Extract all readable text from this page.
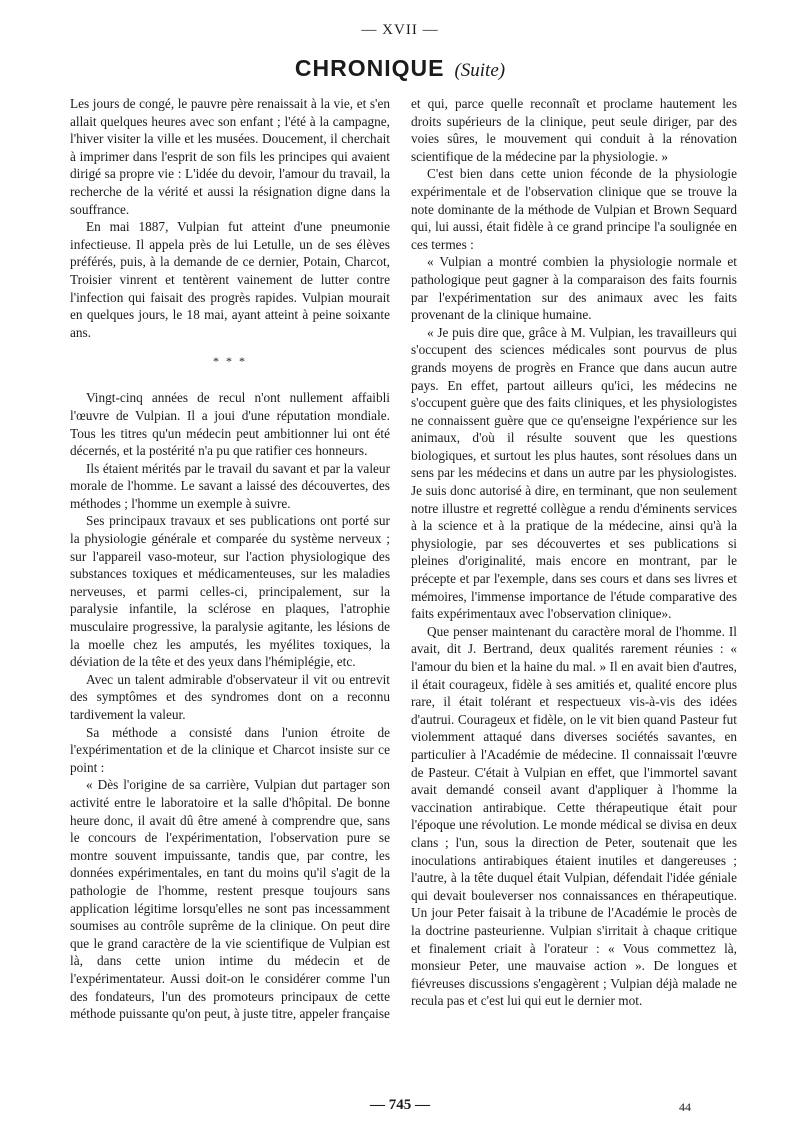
— XVII —
CHRONIQUE (Suite)

Les jours de congé, le pauvre père renaissait à la vie, et s'en allait quelques heures avec son enfant ; l'été à la campagne, l'hiver visiter la ville et les musées. Doucement, il cherchait à imprimer dans l'esprit de son fils les principes qui avaient dirigé sa propre vie : L'idée du devoir, l'amour du travail, la recherche de la vérité et aussi la résignation digne dans la souffrance.

En mai 1887, Vulpian fut atteint d'une pneumonie infectieuse. Il appela près de lui Letulle, un de ses élèves préférés, puis, à la demande de ce dernier, Potain, Charcot, Troisier vinrent et tentèrent vainement de lutter contre l'infection qui faisait des progrès rapides. Vulpian mourait en quelques jours, le 18 mai, ayant atteint à peine soixante ans.

* * *

Vingt-cinq années de recul n'ont nullement affaibli l'œuvre de Vulpian. Il a joui d'une réputation mondiale. Tous les titres qu'un médecin peut ambitionner lui ont été décernés, et la postérité n'a pu que ratifier ces honneurs.

Ils étaient mérités par le travail du savant et par la valeur morale de l'homme. Le savant a laissé des découvertes, des méthodes ; l'homme un exemple à suivre.

Ses principaux travaux et ses publications ont porté sur la physiologie générale et comparée du système nerveux ; sur l'appareil vaso-moteur, sur l'action physiologique des substances toxiques et médicamenteuses, sur les maladies nerveuses, et parmi celles-ci, principalement, sur la paralysie infantile, la sclérose en plaques, l'atrophie musculaire progressive, la paralysie agitante, les lésions de la moelle chez les amputés, les myélites toxiques, la déviation de la tête et des yeux dans l'hémiplégie, etc.

Avec un talent admirable d'observateur il vit ou entrevit des symptômes et des syndromes dont on a reconnu tardivement la valeur.

Sa méthode a consisté dans l'union étroite de l'expérimentation et de la clinique et Charcot insiste sur ce point :

« Dès l'origine de sa carrière, Vulpian dut partager son activité entre le laboratoire et la salle d'hôpital. De bonne heure donc, il avait dû être amené à comprendre que, sans le concours de l'expérimentation, l'observation pure se montre souvent impuissante, tandis que, par contre, les données expérimentales, en tant du moins qu'il s'agit de la pathologie de l'homme, restent presque toujours sans application légitime lorsqu'elles ne sont pas incessamment soumises au contrôle suprême de la clinique. On peut dire que le grand caractère de la vie scientifique de Vulpian est là, dans cette union intime du médecin et de l'expérimentateur. Aussi doit-on le considérer comme l'un des fondateurs, l'un des promoteurs principaux de cette méthode puissante qu'on peut, à juste titre, appeler française

et qui, parce quelle reconnaît et proclame hautement les droits supérieurs de la clinique, peut seule diriger, par des voies sûres, le mouvement qui conduit à la rénovation scientifique de la médecine par la physiologie. »

C'est bien dans cette union féconde de la physiologie expérimentale et de l'observation clinique que se trouve la note dominante de la méthode de Vulpian et Brown Sequard qui, lui aussi, était fidèle à ce grand principe l'a soulignée en ces termes :

« Vulpian a montré combien la physiologie normale et pathologique peut gagner à la comparaison des faits fournis par l'expérimentation sur des animaux avec les faits provenant de la clinique humaine.

« Je puis dire que, grâce à M. Vulpian, les travailleurs qui s'occupent des sciences médicales sont pourvus de plus grands moyens de progrès en France que dans aucun autre pays. En effet, partout ailleurs qu'ici, les médecins ne s'occupent guère que des faits cliniques, et les physiologistes ne connaissent guère que ce qu'enseigne l'expérience sur les animaux, d'où il résulte souvent que les questions biologiques, et surtout les plus hautes, sont résolues dans un sens par les médecins et dans un autre par les physiologistes. Je suis donc autorisé à dire, en terminant, que non seulement notre illustre et regretté collègue a rendu d'éminents services à la science et à la pratique de la médecine, ainsi qu'à la physiologie, par ses découvertes et ses publications si pleines d'originalité, mais encore en montrant, par le précepte et par l'exemple, dans ses cours et dans ses livres et mémoires, l'immense importance de l'étude comparative des faits expérimentaux avec l'observation clinique».

Que penser maintenant du caractère moral de l'homme. Il avait, dit J. Bertrand, deux qualités rarement réunies : « l'amour du bien et la haine du mal. » Il en avait bien d'autres, il était courageux, fidèle à ses amitiés et, qualité encore plus rare, il était tolérant et respectueux vis-à-vis des idées d'autrui. Courageux et fidèle, on le vit bien quand Pasteur fut violemment attaqué dans diverses sociétés savantes, en particulier à l'Académie de médecine. Il connaissait l'œuvre de Pasteur. C'était à Vulpian en effet, que l'immortel savant avait demandé conseil avant d'appliquer à l'homme la vaccination antirabique. Cette thérapeutique était pour l'époque une révolution. Le monde médical se divisa en deux clans ; l'un, sous la direction de Peter, soutenait que les inoculations antirabiques étaient inutiles et dangereuses ; l'autre, à la tête duquel était Vulpian, défendait l'idée géniale qui devait bouleverser nos connaissances en thérapeutique. Un jour Peter faisait à la tribune de l'Académie le procès de la doctrine pasteurienne. Vulpian s'irritait à chaque critique et finalement criait à l'orateur : « Vous commettez là, monsieur Peter, une mauvaise action ». De longues et fiévreuses discussions s'engagèrent ; Vulpian déjà malade ne recula pas et c'est lui qui eut le dernier mot.

— 745 —	44
